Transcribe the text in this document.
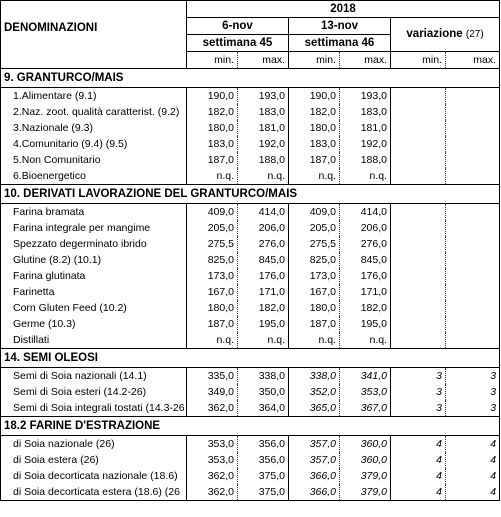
DENOMINAZIONI	2018					
	6-nov		13-nov		variazione (27)	
	settimana 45		settimana 46			
	min.	max.	min.	max.	min.	max.
9. GRANTURCO/MAIS						
1.Alimentare (9.1)	190,0	193,0	190,0	193,0		
2.Naz. zoot. qualità caratterist. (9.2)	182,0	183,0	182,0	183,0		
3.Nazionale (9.3)	180,0	181,0	180,0	181,0		
4.Comunitario (9.4) (9.5)	183,0	192,0	183,0	192,0		
5.Non Comunitario	187,0	188,0	187,0	188,0		
6.Bioenergetico	n.q.	n.q.	n.q.	n.q.		
10. DERIVATI LAVORAZIONE DEL GRANTURCO/MAIS						
Farina bramata	409,0	414,0	409,0	414,0		
Farina integrale per mangime	205,0	206,0	205,0	206,0		
Spezzato degerminato ibrido	275,5	276,0	275,5	276,0		
Glutine (8.2) (10.1)	825,0	845,0	825,0	845,0		
Farina glutinata	173,0	176,0	173,0	176,0		
Farinetta	167,0	171,0	167,0	171,0		
Corn Gluten Feed (10.2)	180,0	182,0	180,0	182,0		
Germe (10.3)	187,0	195,0	187,0	195,0		
Distillati	n.q.	n.q.	n.q.	n.q.		
14. SEMI OLEOSI						
Semi di Soia nazionali (14.1)	335,0	338,0	338,0	341,0	3	3
Semi di Soia esteri (14.2-26)	349,0	350,0	352,0	353,0	3	3
Semi di Soia integrali tostati (14.3-26	362,0	364,0	365,0	367,0	3	3
18.2 FARINE D'ESTRAZIONE						
di Soia nazionale (26)	353,0	356,0	357,0	360,0	4	4
di Soia estera (26)	353,0	356,0	357,0	360,0	4	4
di Soia decorticata nazionale (18.6)	362,0	375,0	366,0	379,0	4	4
di Soia decorticata estera (18.6) (26	362,0	375,0	366,0	379,0	4	4
